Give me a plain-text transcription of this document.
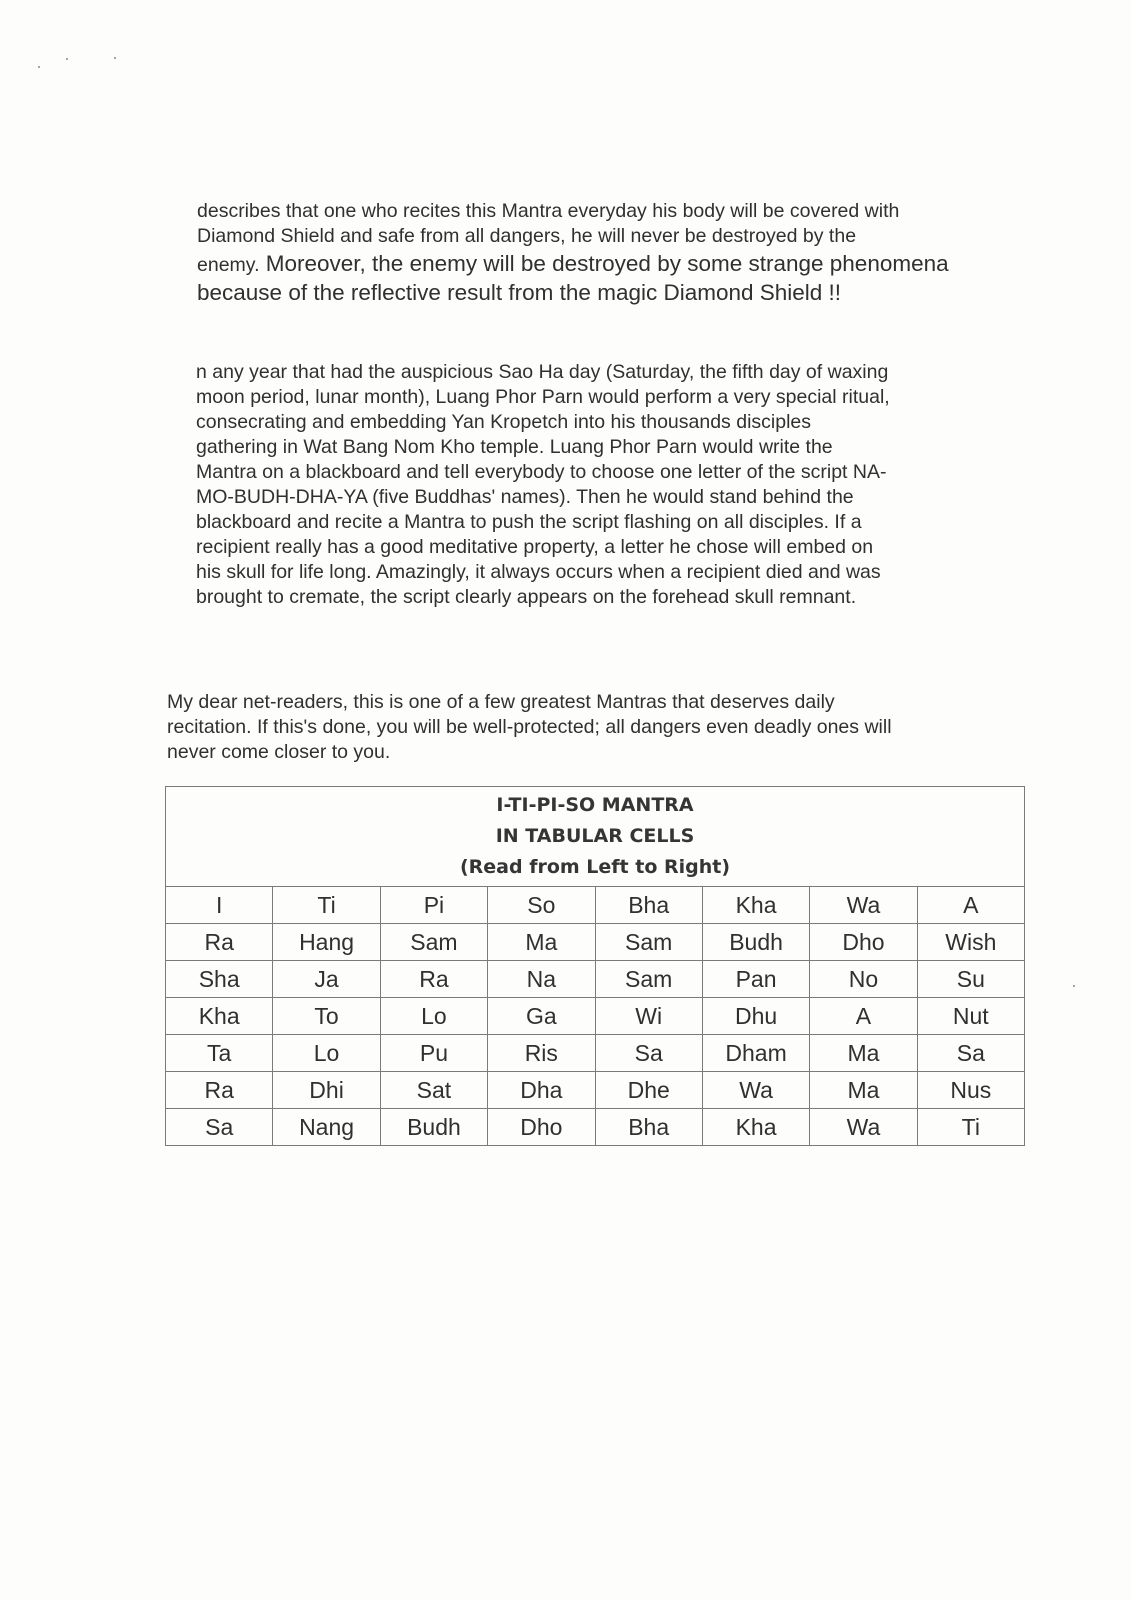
describes that one who recites this Mantra everyday his body will be covered with
Diamond Shield and safe from all dangers, he will never be destroyed by the
enemy. Moreover, the enemy will be destroyed by some strange phenomena
because of the reflective result from the magic Diamond Shield !!

n any year that had the auspicious Sao Ha day (Saturday, the fifth day of waxing
moon period, lunar month), Luang Phor Parn would perform a very special ritual,
consecrating and embedding Yan Kropetch into his thousands disciples
gathering in Wat Bang Nom Kho temple. Luang Phor Parn would write the
Mantra on a blackboard and tell everybody to choose one letter of the script NA-
MO-BUDH-DHA-YA (five Buddhas' names). Then he would stand behind the
blackboard and recite a Mantra to push the script flashing on all disciples. If a
recipient really has a good meditative property, a letter he chose will embed on
his skull for life long. Amazingly, it always occurs when a recipient died and was
brought to cremate, the script clearly appears on the forehead skull remnant.

My dear net-readers, this is one of a few greatest Mantras that deserves daily
recitation. If this's done, you will be well-protected; all dangers even deadly ones will
never come closer to you.

I-TI-PI-SO MANTRA
IN TABULAR CELLS
(Read from Left to Right)
I	Ti	Pi	So	Bha	Kha	Wa	A
Ra	Hang	Sam	Ma	Sam	Budh	Dho	Wish
Sha	Ja	Ra	Na	Sam	Pan	No	Su
Kha	To	Lo	Ga	Wi	Dhu	A	Nut
Ta	Lo	Pu	Ris	Sa	Dham	Ma	Sa
Ra	Dhi	Sat	Dha	Dhe	Wa	Ma	Nus
Sa	Nang	Budh	Dho	Bha	Kha	Wa	Ti
